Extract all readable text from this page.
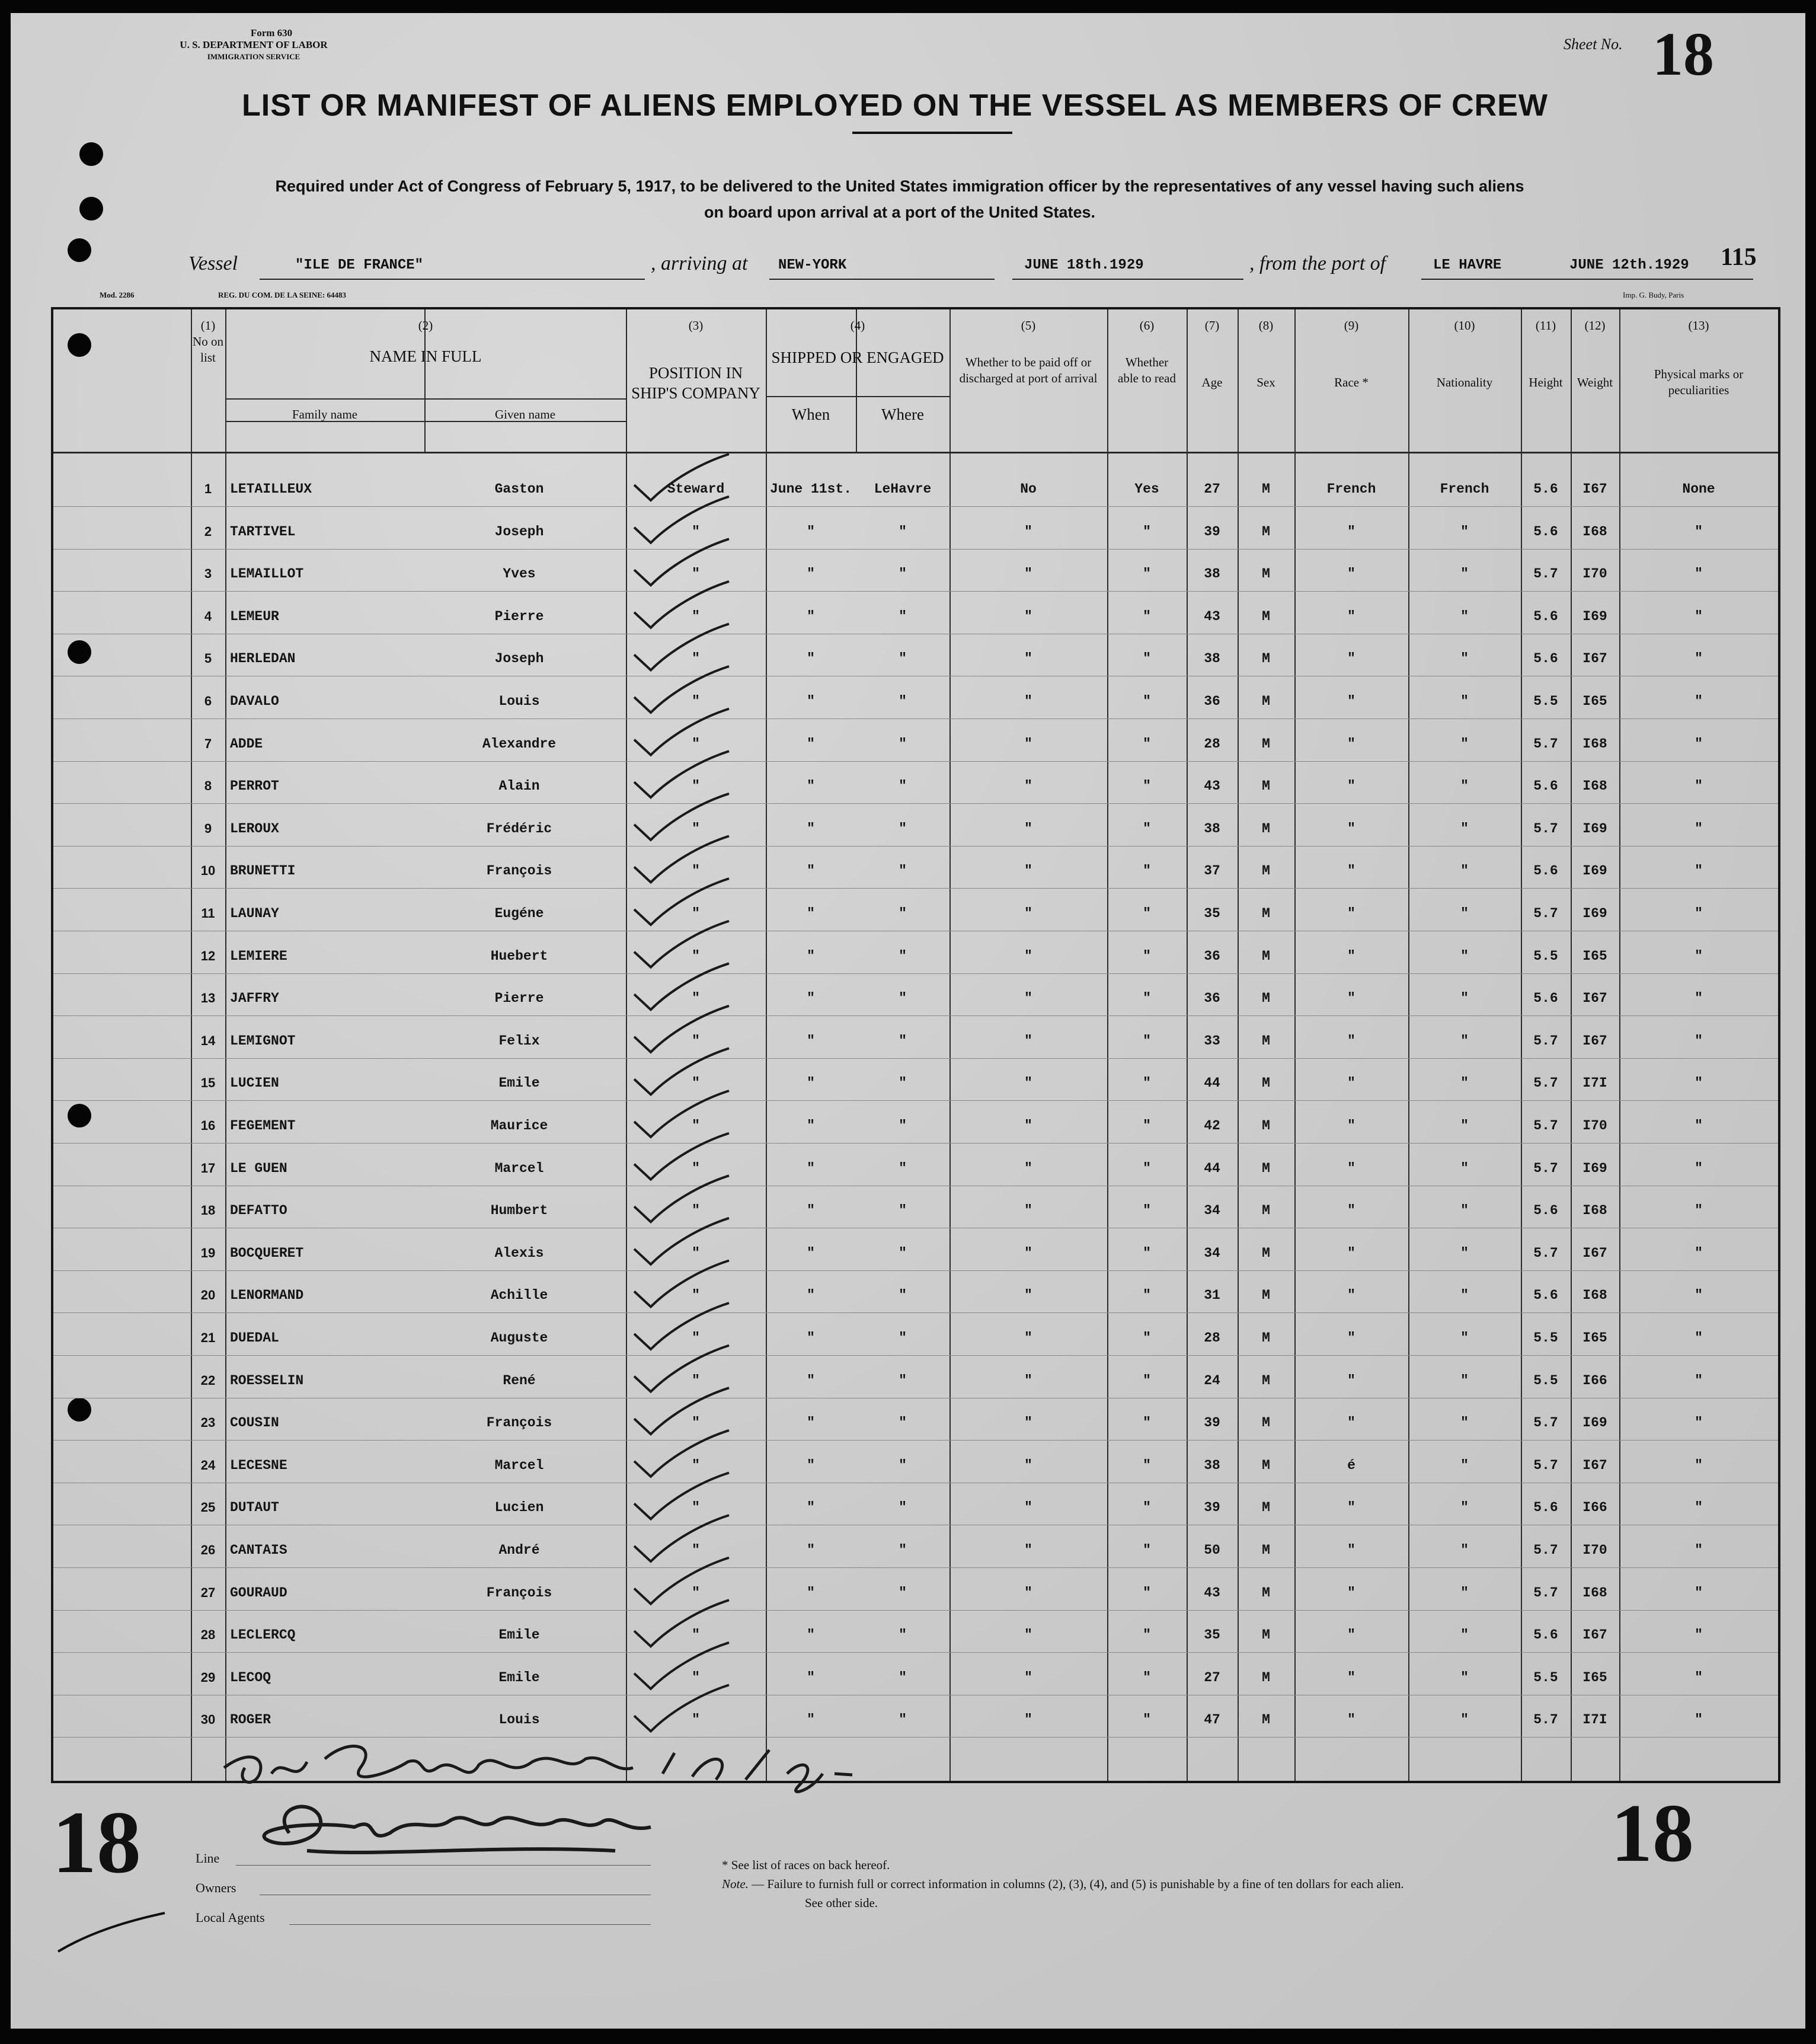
Form 630
U. S. DEPARTMENT OF LABOR
IMMIGRATION SERVICE
Sheet No. 18
LIST OR MANIFEST OF ALIENS EMPLOYED ON THE VESSEL AS MEMBERS OF CREW
Required under Act of Congress of February 5, 1917, to be delivered to the United States immigration officer by the representatives of any vessel having such aliens
on board upon arrival at a port of the United States.
Vessel	"ILE DE FRANCE"	, arriving at NEW-YORK	JUNE 18th.1929	, from the port of	LE HAVRE	JUNE 12th.1929 115
Mod. 2286	REG. DU COM. DE LA SEINE: 64483	Imp. G. Budy, Paris
(1)
No on list
(2)
NAME IN FULL
Family name	Given name
(3)
POSITION IN SHIP'S COMPANY
(4)
SHIPPED OR ENGAGED
When	Where
(5)
Whether to be paid off or discharged at port of arrival
(6)
Whether able to read
(7)
Age
(8)
Sex
(9)
Race *
(10)
Nationality
(11)
Height
(12)
Weight
(13)
Physical marks or peculiarities
1	LETAILLEUX	Gaston	Steward	June 11st.	LeHavre	No	Yes	27	M	French	French	5.6	I67	None
2	TARTIVEL	Joseph	"	"	"	"	"	39	M	"	"	5.6	I68	"
3	LEMAILLOT	Yves	"	"	"	"	"	38	M	"	"	5.7	I70	"
4	LEMEUR	Pierre	"	"	"	"	"	43	M	"	"	5.6	I69	"
5	HERLEDAN	Joseph	"	"	"	"	"	38	M	"	"	5.6	I67	"
6	DAVALO	Louis	"	"	"	"	"	36	M	"	"	5.5	I65	"
7	ADDE	Alexandre	"	"	"	"	"	28	M	"	"	5.7	I68	"
8	PERROT	Alain	"	"	"	"	"	43	M	"	"	5.6	I68	"
9	LEROUX	Frédéric	"	"	"	"	"	38	M	"	"	5.7	I69	"
10	BRUNETTI	François	"	"	"	"	"	37	M	"	"	5.6	I69	"
11	LAUNAY	Eugéne	"	"	"	"	"	35	M	"	"	5.7	I69	"
12	LEMIERE	Huebert	"	"	"	"	"	36	M	"	"	5.5	I65	"
13	JAFFRY	Pierre	"	"	"	"	"	36	M	"	"	5.6	I67	"
14	LEMIGNOT	Felix	"	"	"	"	"	33	M	"	"	5.7	I67	"
15	LUCIEN	Emile	"	"	"	"	"	44	M	"	"	5.7	I7I	"
16	FEGEMENT	Maurice	"	"	"	"	"	42	M	"	"	5.7	I70	"
17	LE GUEN	Marcel	"	"	"	"	"	44	M	"	"	5.7	I69	"
18	DEFATTO	Humbert	"	"	"	"	"	34	M	"	"	5.6	I68	"
19	BOCQUERET	Alexis	"	"	"	"	"	34	M	"	"	5.7	I67	"
20	LENORMAND	Achille	"	"	"	"	"	31	M	"	"	5.6	I68	"
21	DUEDAL	Auguste	"	"	"	"	"	28	M	"	"	5.5	I65	"
22	ROESSELIN	René	"	"	"	"	"	24	M	"	"	5.5	I66	"
23	COUSIN	François	"	"	"	"	"	39	M	"	"	5.7	I69	"
24	LECESNE	Marcel	"	"	"	"	"	38	M	é	"	5.7	I67	"
25	DUTAUT	Lucien	"	"	"	"	"	39	M	"	"	5.6	I66	"
26	CANTAIS	André	"	"	"	"	"	50	M	"	"	5.7	I70	"
27	GOURAUD	François	"	"	"	"	"	43	M	"	"	5.7	I68	"
28	LECLERCQ	Emile	"	"	"	"	"	35	M	"	"	5.6	I67	"
29	LECOQ	Emile	"	"	"	"	"	27	M	"	"	5.5	I65	"
30	ROGER	Louis	"	"	"	"	"	47	M	"	"	5.7	I7I	"
E A Cushing Insp 6/18/29
E Kapanelt Insp
18	18
Line
Owners
Local Agents
* See list of races on back hereof.
Note. — Failure to furnish full or correct information in columns (2), (3), (4), and (5) is punishable by a fine of ten dollars for each alien.
See other side.
